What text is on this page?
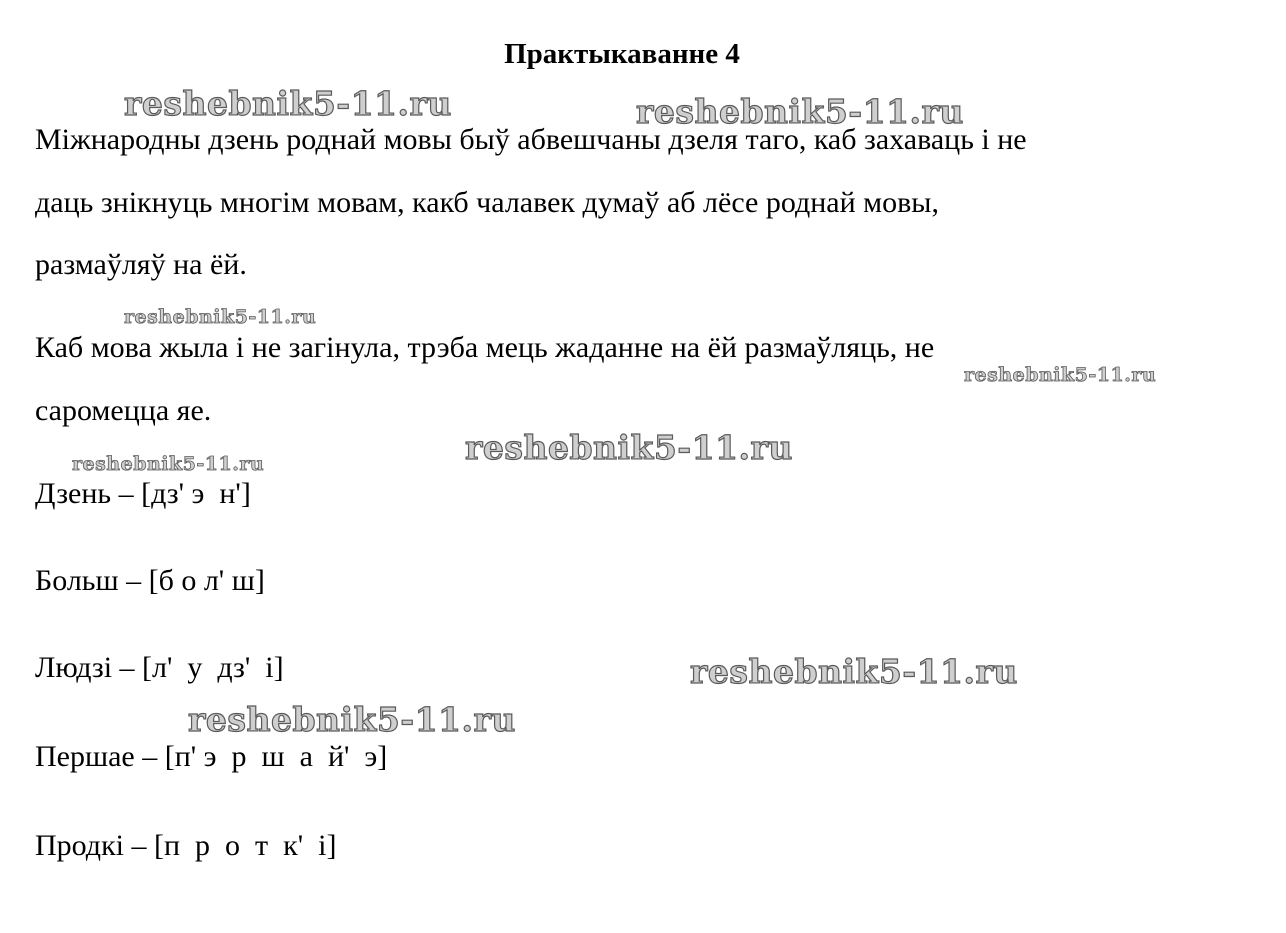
Практыкаванне 4
Міжнародны дзень роднай мовы быў абвешчаны дзеля таго, каб захаваць і не
даць знікнуць многім мовам, какб чалавек думаў аб лёсе роднай мовы,
размаўляў на ёй.
Каб мова жыла і не загінула, трэба мець жаданне на ёй размаўляць, не
саромецца яе.
Дзень – [дз' э  н']
Больш – [б о л' ш]
Людзі – [л'  у  дз'  і]
Першае – [п' э  р  ш  а  й'  э]
Продкі – [п  р  о  т  к'  і]
reshebnik5-11.ru	reshebnik5-11.ru
reshebnik5-11.ru
reshebnik5-11.ru
reshebnik5-11.ru
reshebnik5-11.ru
reshebnik5-11.ru
reshebnik5-11.ru
